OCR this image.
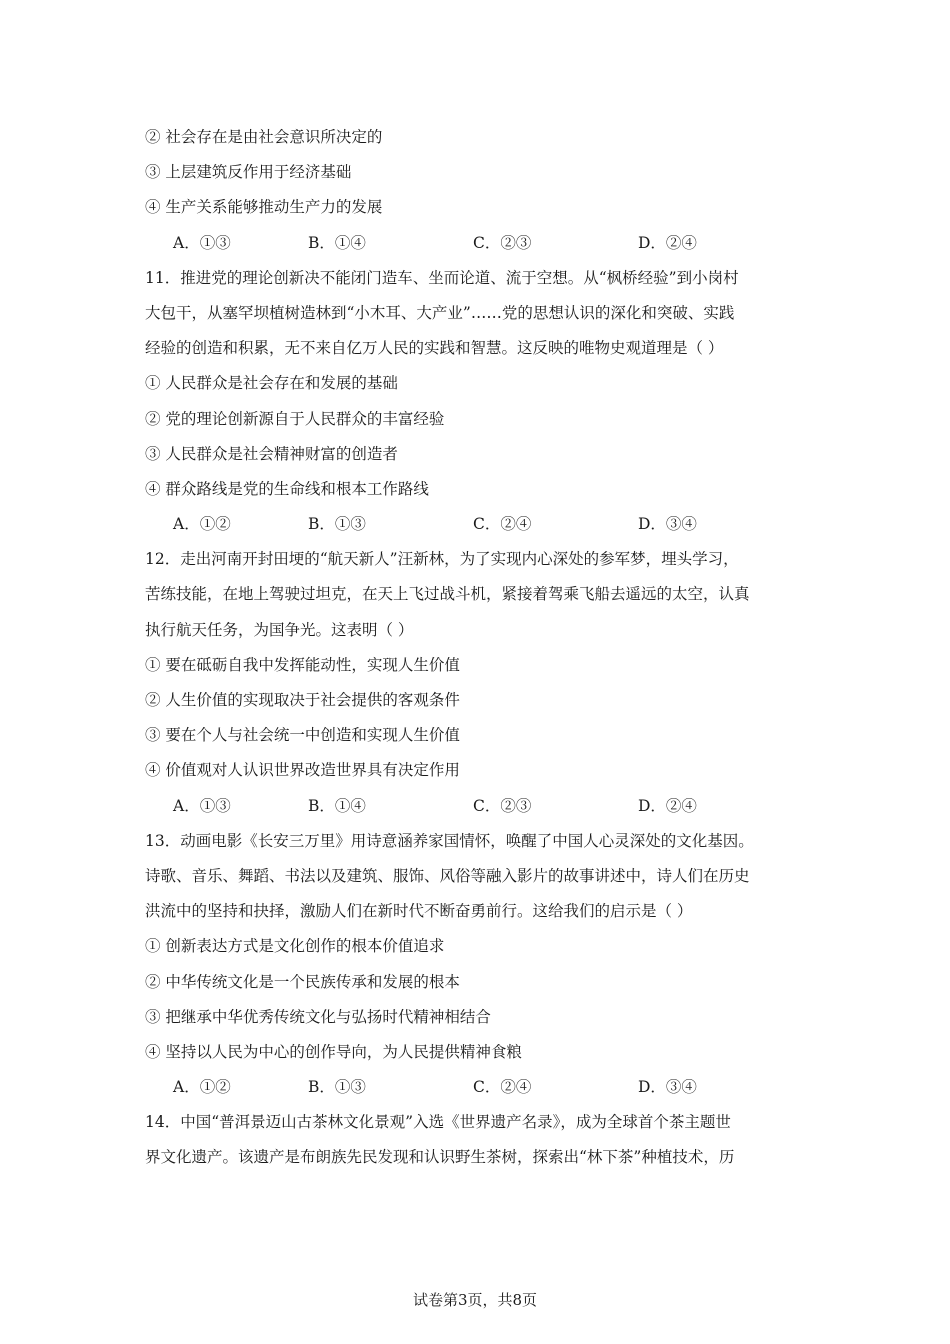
② 社会存在是由社会意识所决定的
③ 上层建筑反作用于经济基础
④ 生产关系能够推动生产力的发展
A．①③	B．①④	C．②③	D．②④
11．推进党的理论创新决不能闭门造车、坐而论道、流于空想。从“枫桥经验”到小岗村
大包干，从塞罕坝植树造林到“小木耳、大产业”……党的思想认识的深化和突破、实践
经验的创造和积累，无不来自亿万人民的实践和智慧。这反映的唯物史观道理是（ ）
① 人民群众是社会存在和发展的基础
② 党的理论创新源自于人民群众的丰富经验
③ 人民群众是社会精神财富的创造者
④ 群众路线是党的生命线和根本工作路线
A．①②	B．①③	C．②④	D．③④
12．走出河南开封田埂的“航天新人”汪新林，为了实现内心深处的参军梦，埋头学习，
苦练技能，在地上驾驶过坦克，在天上飞过战斗机，紧接着驾乘飞船去遥远的太空，认真
执行航天任务，为国争光。这表明（ ）
① 要在砥砺自我中发挥能动性，实现人生价值
② 人生价值的实现取决于社会提供的客观条件
③ 要在个人与社会统一中创造和实现人生价值
④ 价值观对人认识世界改造世界具有决定作用
A．①③	B．①④	C．②③	D．②④
13．动画电影《长安三万里》用诗意涵养家国情怀，唤醒了中国人心灵深处的文化基因。
诗歌、音乐、舞蹈、书法以及建筑、服饰、风俗等融入影片的故事讲述中，诗人们在历史
洪流中的坚持和抉择，激励人们在新时代不断奋勇前行。这给我们的启示是（ ）
① 创新表达方式是文化创作的根本价值追求
② 中华传统文化是一个民族传承和发展的根本
③ 把继承中华优秀传统文化与弘扬时代精神相结合
④ 坚持以人民为中心的创作导向，为人民提供精神食粮
A．①②	B．①③	C．②④	D．③④
14．中国“普洱景迈山古茶林文化景观”入选《世界遗产名录》，成为全球首个茶主题世
界文化遗产。该遗产是布朗族先民发现和认识野生茶树，探索出“林下茶”种植技术，历
试卷第3页，共8页
